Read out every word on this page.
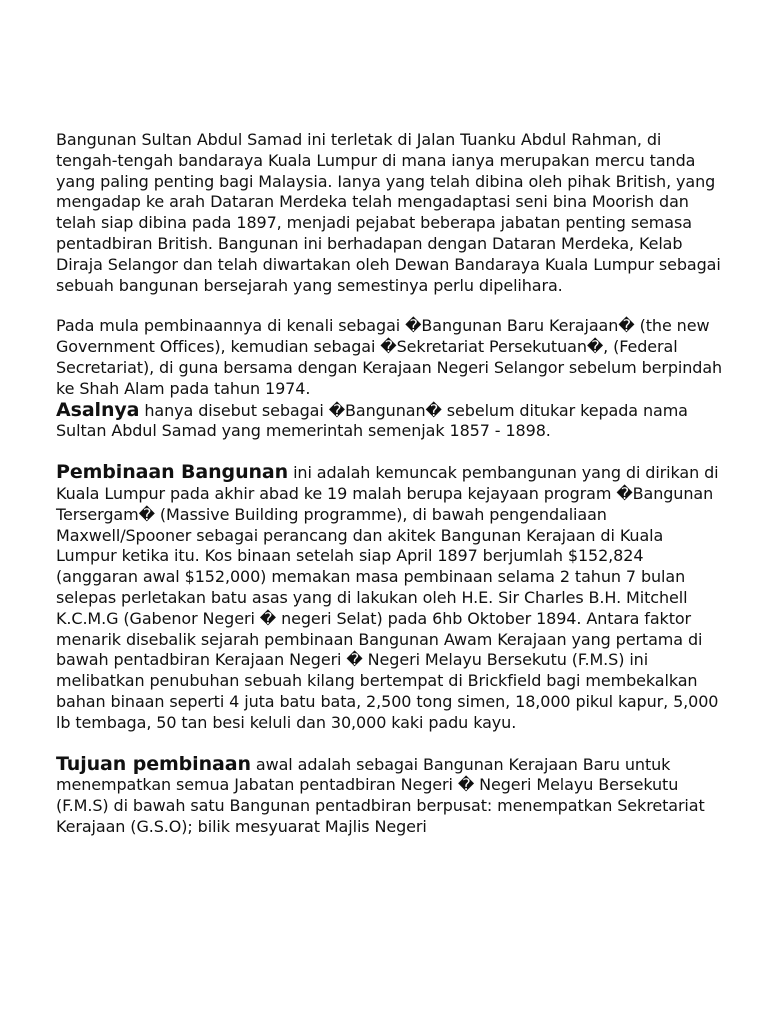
Bangunan Sultan Abdul Samad ini terletak di Jalan Tuanku Abdul Rahman, di tengah-tengah bandaraya Kuala Lumpur di mana ianya merupakan mercu tanda yang paling penting bagi Malaysia. Ianya yang telah dibina oleh pihak British, yang mengadap ke arah Dataran Merdeka telah mengadaptasi seni bina Moorish dan telah siap dibina pada 1897, menjadi pejabat beberapa jabatan penting semasa pentadbiran British. Bangunan ini berhadapan dengan Dataran Merdeka, Kelab Diraja Selangor dan telah diwartakan oleh Dewan Bandaraya Kuala Lumpur sebagai sebuah bangunan bersejarah yang semestinya perlu dipelihara.

Pada mula pembinaannya di kenali sebagai �Bangunan Baru Kerajaan� (the new Government Offices), kemudian sebagai �Sekretariat Persekutuan�, (Federal Secretariat), di guna bersama dengan Kerajaan Negeri Selangor sebelum berpindah ke Shah Alam pada tahun 1974.

Asalnya hanya disebut sebagai �Bangunan� sebelum ditukar kepada nama Sultan Abdul Samad yang memerintah semenjak 1857 - 1898.

Pembinaan Bangunan ini adalah kemuncak pembangunan yang di dirikan di Kuala Lumpur pada akhir abad ke 19 malah berupa kejayaan program �Bangunan Tersergam� (Massive Building programme), di bawah pengendaliaan Maxwell/Spooner sebagai perancang dan akitek Bangunan Kerajaan di Kuala Lumpur ketika itu. Kos binaan setelah siap April 1897 berjumlah $152,824 (anggaran awal $152,000) memakan masa pembinaan selama 2 tahun 7 bulan selepas perletakan batu asas yang di lakukan oleh H.E. Sir Charles B.H. Mitchell K.C.M.G (Gabenor Negeri � negeri Selat) pada 6hb Oktober 1894. Antara faktor menarik disebalik sejarah pembinaan Bangunan Awam Kerajaan yang pertama di bawah pentadbiran Kerajaan Negeri � Negeri Melayu Bersekutu (F.M.S) ini melibatkan penubuhan sebuah kilang bertempat di Brickfield bagi membekalkan bahan binaan seperti 4 juta batu bata, 2,500 tong simen, 18,000 pikul kapur, 5,000 lb tembaga, 50 tan besi keluli dan 30,000 kaki padu kayu.

Tujuan pembinaan awal adalah sebagai Bangunan Kerajaan Baru untuk menempatkan semua Jabatan pentadbiran Negeri � Negeri Melayu Bersekutu (F.M.S) di bawah satu Bangunan pentadbiran berpusat: menempatkan Sekretariat Kerajaan (G.S.O); bilik mesyuarat Majlis Negeri
